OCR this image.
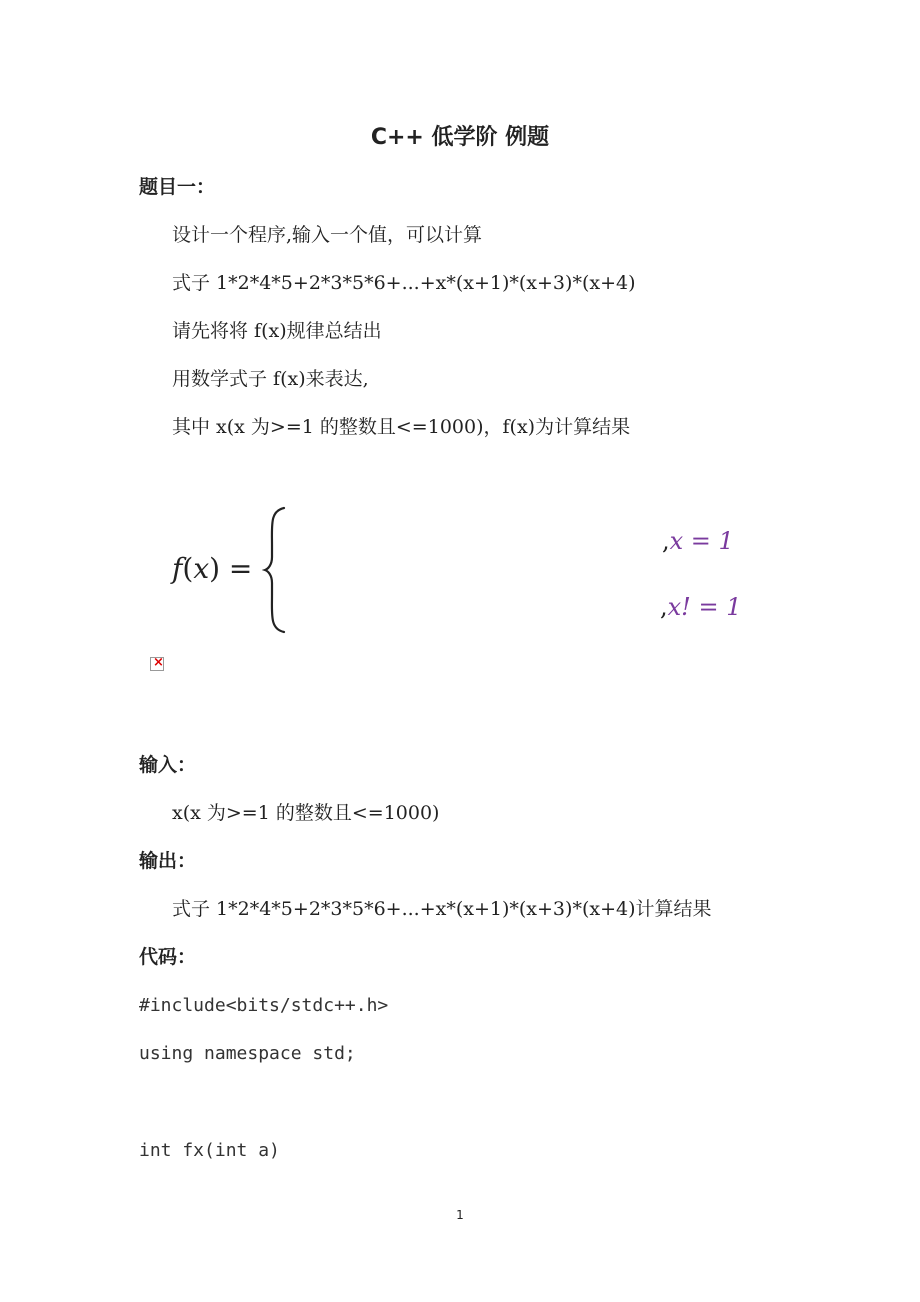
C++ 低学阶 例题
题目一：
设计一个程序,输入一个值，可以计算
式子 1*2*4*5+2*3*5*6+...+x*(x+1)*(x+3)*(x+4)
请先将将 f(x)规律总结出
用数学式子 f(x)来表达,
其中 x(x 为>=1 的整数且<=1000)，f(x)为计算结果
f(x) =
,x = 1
,x! = 1
×
输入：
x(x 为>=1 的整数且<=1000)
输出：
式子 1*2*4*5+2*3*5*6+...+x*(x+1)*(x+3)*(x+4)计算结果
代码：
#include<bits/stdc++.h>
using namespace std;
int fx(int a)
1
